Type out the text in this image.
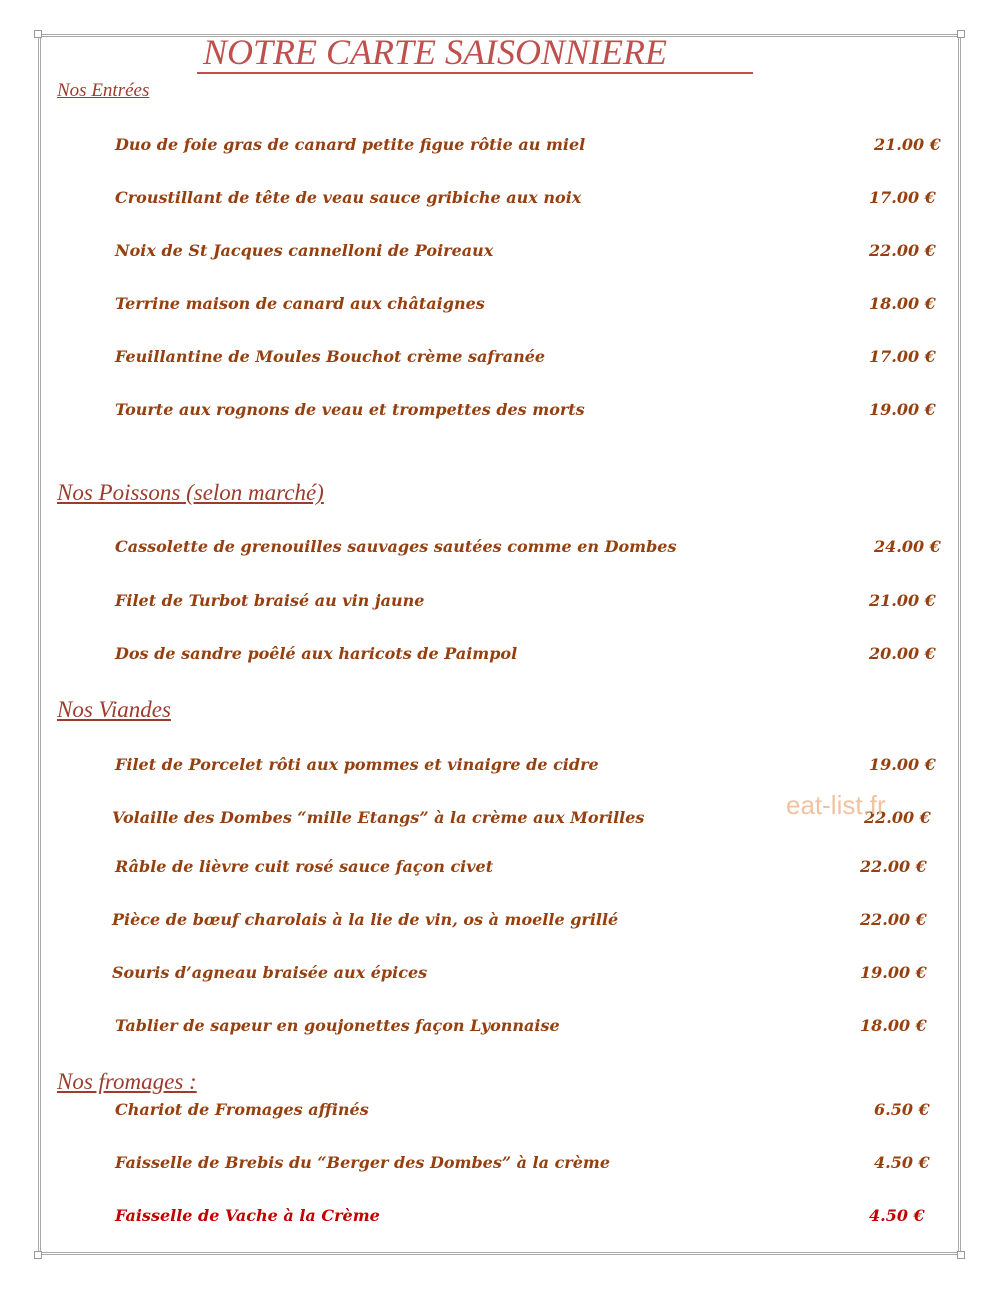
NOTRE CARTE SAISONNIERE
Nos Entrées
Duo de foie gras de canard petite figue rôtie au miel	21.00 €
Croustillant de tête de veau sauce gribiche aux noix	17.00 €
Noix de St Jacques cannelloni de Poireaux	22.00 €
Terrine maison de canard aux châtaignes	18.00 €
Feuillantine de Moules Bouchot crème safranée	17.00 €
Tourte aux rognons de veau et trompettes des morts	19.00 €
Nos Poissons (selon marché)
Cassolette de grenouilles sauvages sautées comme en Dombes	24.00 €
Filet de Turbot braisé au vin jaune	21.00 €
Dos de sandre poêlé aux haricots de Paimpol	20.00 €
Nos Viandes
Filet de Porcelet rôti aux pommes et vinaigre de cidre	19.00 €
Volaille des Dombes “mille Etangs” à la crème aux Morilles	22.00 €
Râble de lièvre cuit rosé sauce façon civet	22.00 €
Pièce de bœuf charolais à la lie de vin, os à moelle grillé	22.00 €
Souris d’agneau braisée aux épices	19.00 €
Tablier de sapeur en goujonettes façon Lyonnaise	18.00 €
Nos fromages :
Chariot de Fromages affinés	6.50 €
Faisselle de Brebis du “Berger des Dombes” à la crème	4.50 €
Faisselle de Vache à la Crème	4.50 €
eat-list.fr
